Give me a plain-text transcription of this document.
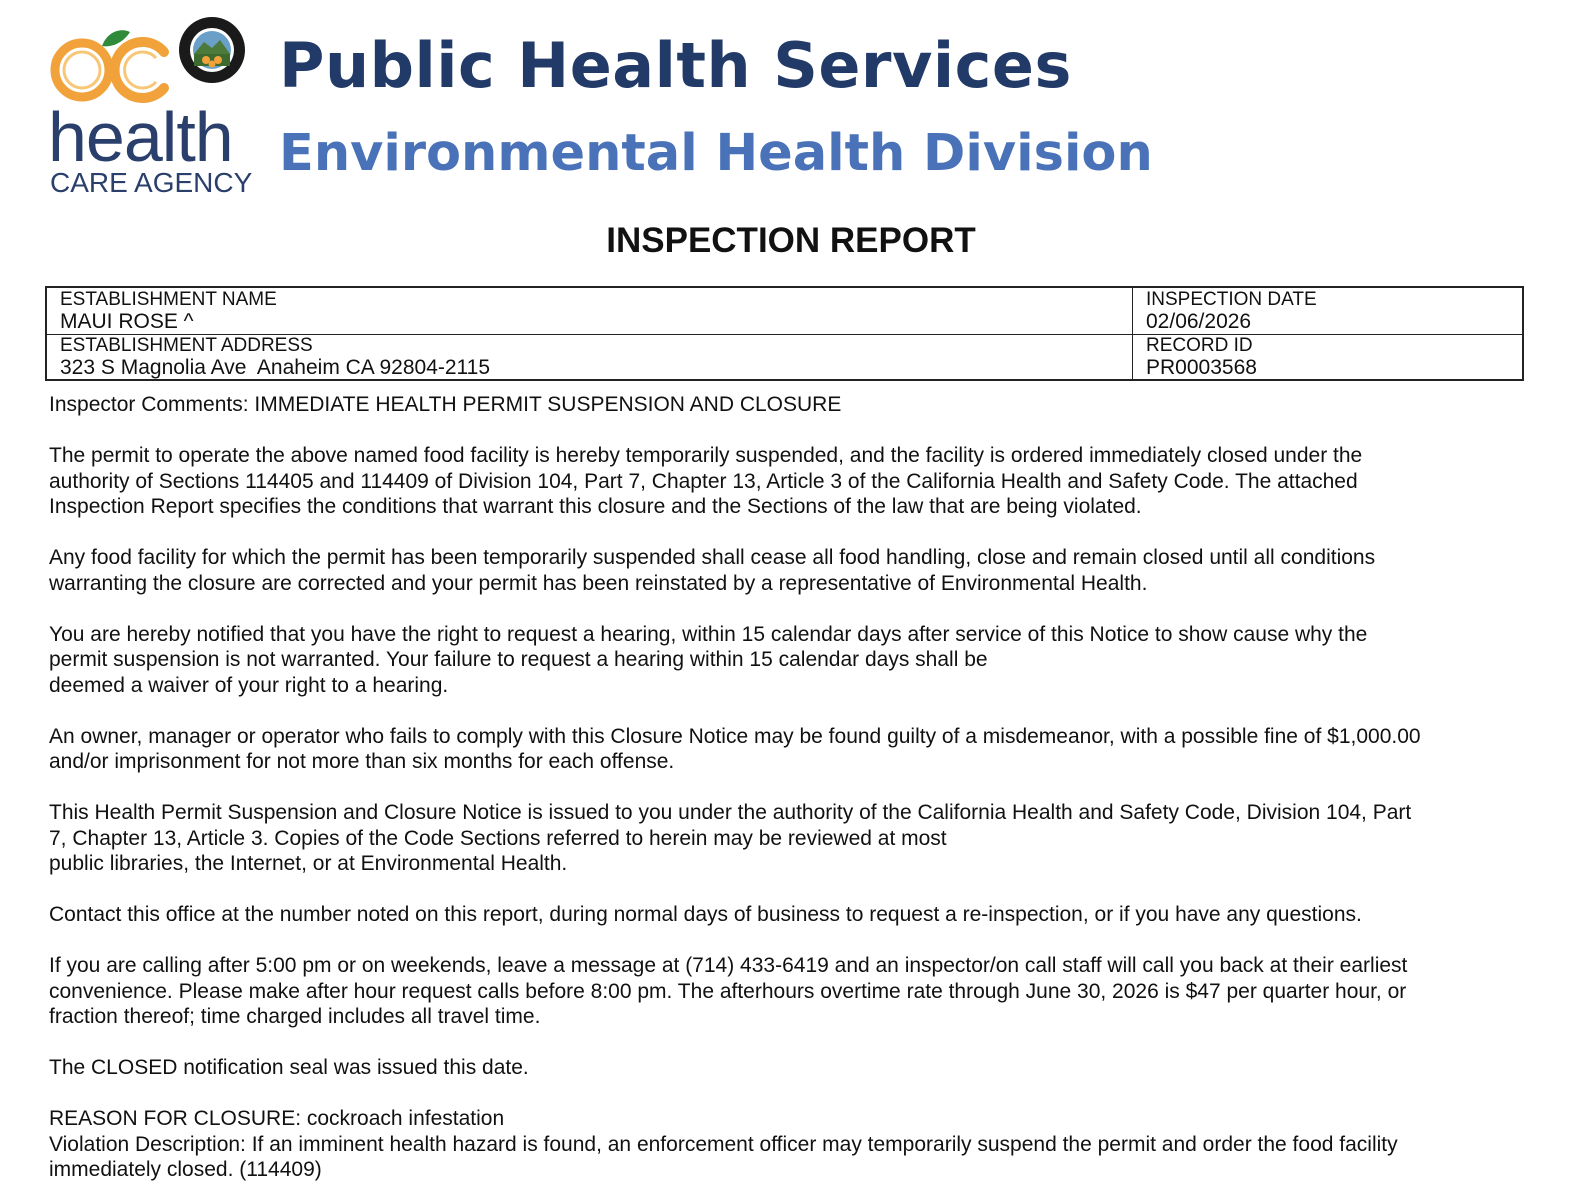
health
CARE AGENCY
Public Health Services
Environmental Health Division
INSPECTION REPORT
ESTABLISHMENT NAME
MAUI ROSE ^
INSPECTION DATE
02/06/2026
ESTABLISHMENT ADDRESS
323 S Magnolia Ave  Anaheim CA 92804-2115
RECORD ID
PR0003568

Inspector Comments: IMMEDIATE HEALTH PERMIT SUSPENSION AND CLOSURE

The permit to operate the above named food facility is hereby temporarily suspended, and the facility is ordered immediately closed under the
authority of Sections 114405 and 114409 of Division 104, Part 7, Chapter 13, Article 3 of the California Health and Safety Code. The attached
Inspection Report specifies the conditions that warrant this closure and the Sections of the law that are being violated.

Any food facility for which the permit has been temporarily suspended shall cease all food handling, close and remain closed until all conditions
warranting the closure are corrected and your permit has been reinstated by a representative of Environmental Health.

You are hereby notified that you have the right to request a hearing, within 15 calendar days after service of this Notice to show cause why the
permit suspension is not warranted. Your failure to request a hearing within 15 calendar days shall be
deemed a waiver of your right to a hearing.

An owner, manager or operator who fails to comply with this Closure Notice may be found guilty of a misdemeanor, with a possible fine of $1,000.00
and/or imprisonment for not more than six months for each offense.

This Health Permit Suspension and Closure Notice is issued to you under the authority of the California Health and Safety Code, Division 104, Part
7, Chapter 13, Article 3. Copies of the Code Sections referred to herein may be reviewed at most
public libraries, the Internet, or at Environmental Health.

Contact this office at the number noted on this report, during normal days of business to request a re-inspection, or if you have any questions.

If you are calling after 5:00 pm or on weekends, leave a message at (714) 433-6419 and an inspector/on call staff will call you back at their earliest
convenience. Please make after hour request calls before 8:00 pm. The afterhours overtime rate through June 30, 2026 is $47 per quarter hour, or
fraction thereof; time charged includes all travel time.

The CLOSED notification seal was issued this date.

REASON FOR CLOSURE: cockroach infestation

Violation Description: If an imminent health hazard is found, an enforcement officer may temporarily suspend the permit and order the food facility
immediately closed. (114409)
